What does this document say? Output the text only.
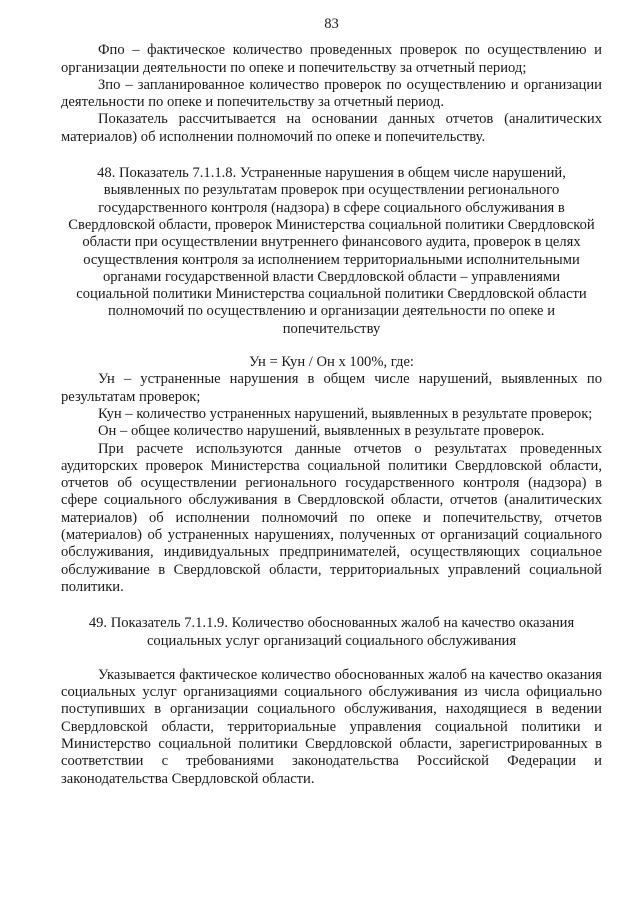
83

Фпо – фактическое количество проведенных проверок по осуществлению и организации деятельности по опеке и попечительству за отчетный период;

Зпо – запланированное количество проверок по осуществлению и организации деятельности по опеке и попечительству за отчетный период.

Показатель рассчитывается на основании данных отчетов (аналитических материалов) об исполнении полномочий по опеке и попечительству.

48. Показатель 7.1.1.8. Устраненные нарушения в общем числе нарушений, выявленных по результатам проверок при осуществлении регионального государственного контроля (надзора) в сфере социального обслуживания в Свердловской области, проверок Министерства социальной политики Свердловской области при осуществлении внутреннего финансового аудита, проверок в целях осуществления контроля за исполнением территориальными исполнительными органами государственной власти Свердловской области – управлениями социальной политики Министерства социальной политики Свердловской области полномочий по осуществлению и организации деятельности по опеке и попечительству

Ун = Кун / Он х 100%, где:

Ун – устраненные нарушения в общем числе нарушений, выявленных по результатам проверок;

Кун – количество устраненных нарушений, выявленных в результате проверок;

Он – общее количество нарушений, выявленных в результате проверок.

При расчете используются данные отчетов о результатах проведенных аудиторских проверок Министерства социальной политики Свердловской области, отчетов об осуществлении регионального государственного контроля (надзора) в сфере социального обслуживания в Свердловской области, отчетов (аналитических материалов) об исполнении полномочий по опеке и попечительству, отчетов (материалов) об устраненных нарушениях, полученных от организаций социального обслуживания, индивидуальных предпринимателей, осуществляющих социальное обслуживание в Свердловской области, территориальных управлений социальной политики.

49. Показатель 7.1.1.9. Количество обоснованных жалоб на качество оказания социальных услуг организаций социального обслуживания

Указывается фактическое количество обоснованных жалоб на качество оказания социальных услуг организациями социального обслуживания из числа официально поступивших в организации социального обслуживания, находящиеся в ведении Свердловской области, территориальные управления социальной политики и Министерство социальной политики Свердловской области, зарегистрированных в соответствии с требованиями законодательства Российской Федерации и законодательства Свердловской области.
